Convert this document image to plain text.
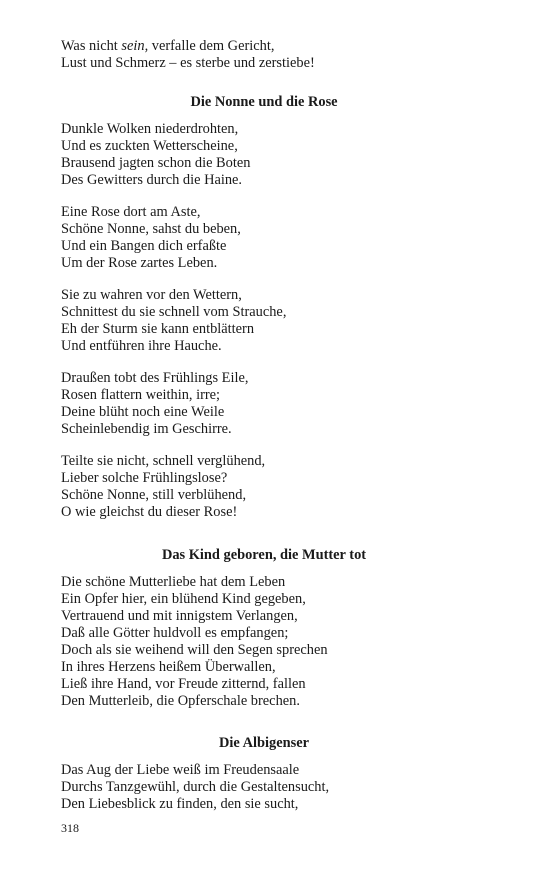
Was nicht sein, verfalle dem Gericht,
Lust und Schmerz – es sterbe und zerstiebe!
Die Nonne und die Rose
Dunkle Wolken niederdrohten,
Und es zuckten Wetterscheine,
Brausend jagten schon die Boten
Des Gewitters durch die Haine.
Eine Rose dort am Aste,
Schöne Nonne, sahst du beben,
Und ein Bangen dich erfaßte
Um der Rose zartes Leben.
Sie zu wahren vor den Wettern,
Schnittest du sie schnell vom Strauche,
Eh der Sturm sie kann entblättern
Und entführen ihre Hauche.
Draußen tobt des Frühlings Eile,
Rosen flattern weithin, irre;
Deine blüht noch eine Weile
Scheinlebendig im Geschirre.
Teilte sie nicht, schnell verglühend,
Lieber solche Frühlingslose?
Schöne Nonne, still verblühend,
O wie gleichst du dieser Rose!
Das Kind geboren, die Mutter tot
Die schöne Mutterliebe hat dem Leben
Ein Opfer hier, ein blühend Kind gegeben,
Vertrauend und mit innigstem Verlangen,
Daß alle Götter huldvoll es empfangen;
Doch als sie weihend will den Segen sprechen
In ihres Herzens heißem Überwallen,
Ließ ihre Hand, vor Freude zitternd, fallen
Den Mutterleib, die Opferschale brechen.
Die Albigenser
Das Aug der Liebe weiß im Freudensaale
Durchs Tanzgewühl, durch die Gestaltensucht,
Den Liebesblick zu finden, den sie sucht,
318
